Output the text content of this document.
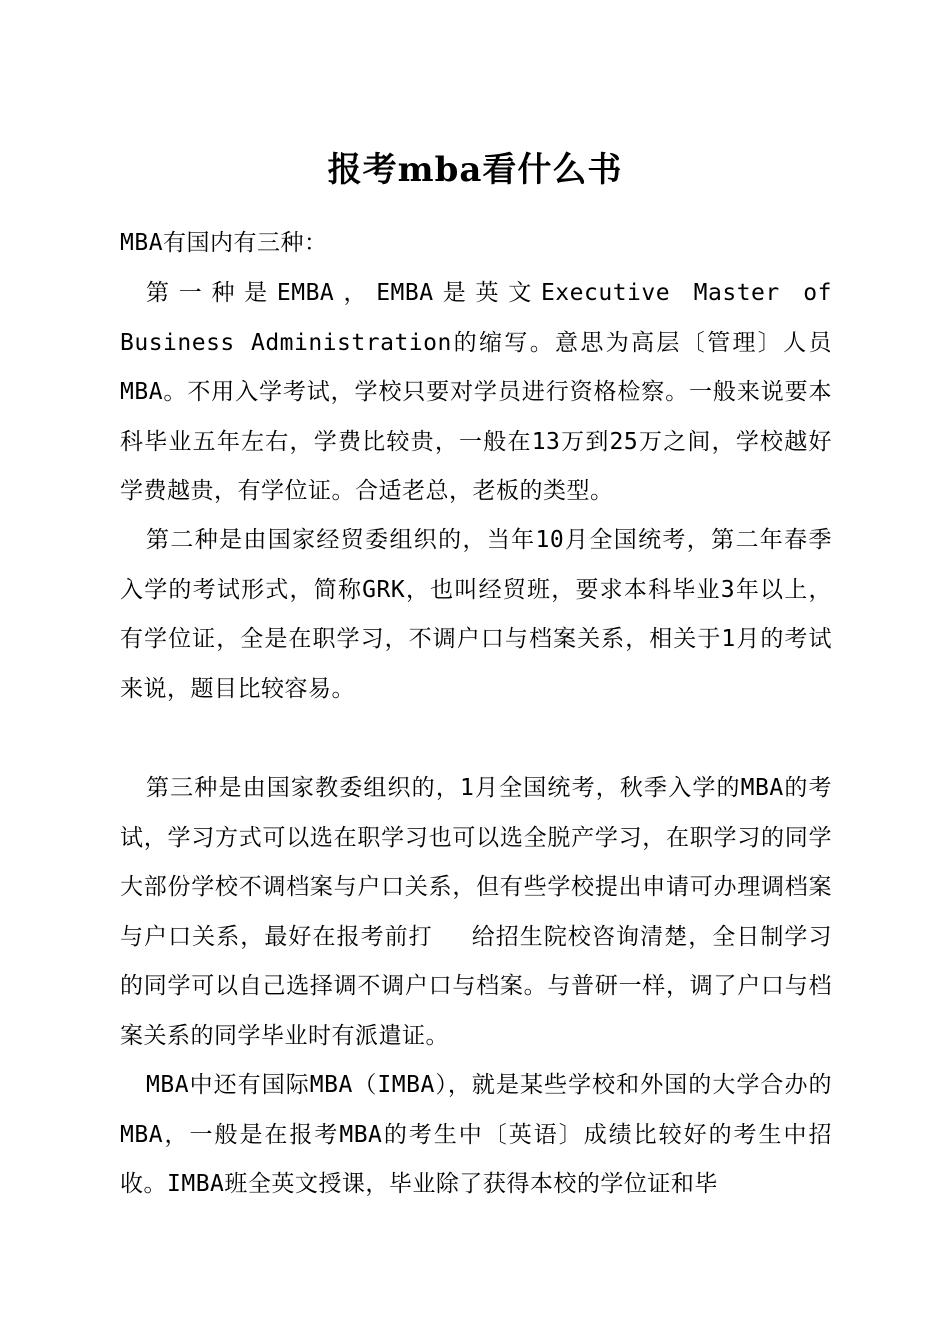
报考mba看什么书

MBA有国内有三种：

第一种是EMBA，EMBA是英文Executive Master of Business Administration的缩写。意思为高层〔管理〕人员MBA。不用入学考试，学校只要对学员进行资格检察。一般来说要本科毕业五年左右，学费比较贵，一般在13万到25万之间，学校越好学费越贵，有学位证。合适老总，老板的类型。

第二种是由国家经贸委组织的，当年10月全国统考，第二年春季入学的考试形式，简称GRK，也叫经贸班，要求本科毕业3年以上，有学位证，全是在职学习，不调户口与档案关系，相关于1月的考试来说，题目比较容易。

第三种是由国家教委组织的，1月全国统考，秋季入学的MBA的考试，学习方式可以选在职学习也可以选全脱产学习，在职学习的同学大部份学校不调档案与户口关系，但有些学校提出申请可办理调档案与户口关系，最好在报考前打　 给招生院校咨询清楚，全日制学习的同学可以自己选择调不调户口与档案。与普研一样，调了户口与档案关系的同学毕业时有派遣证。

MBA中还有国际MBA（IMBA），就是某些学校和外国的大学合办的MBA，一般是在报考MBA的考生中〔英语〕成绩比较好的考生中招收。IMBA班全英文授课，毕业除了获得本校的学位证和毕
